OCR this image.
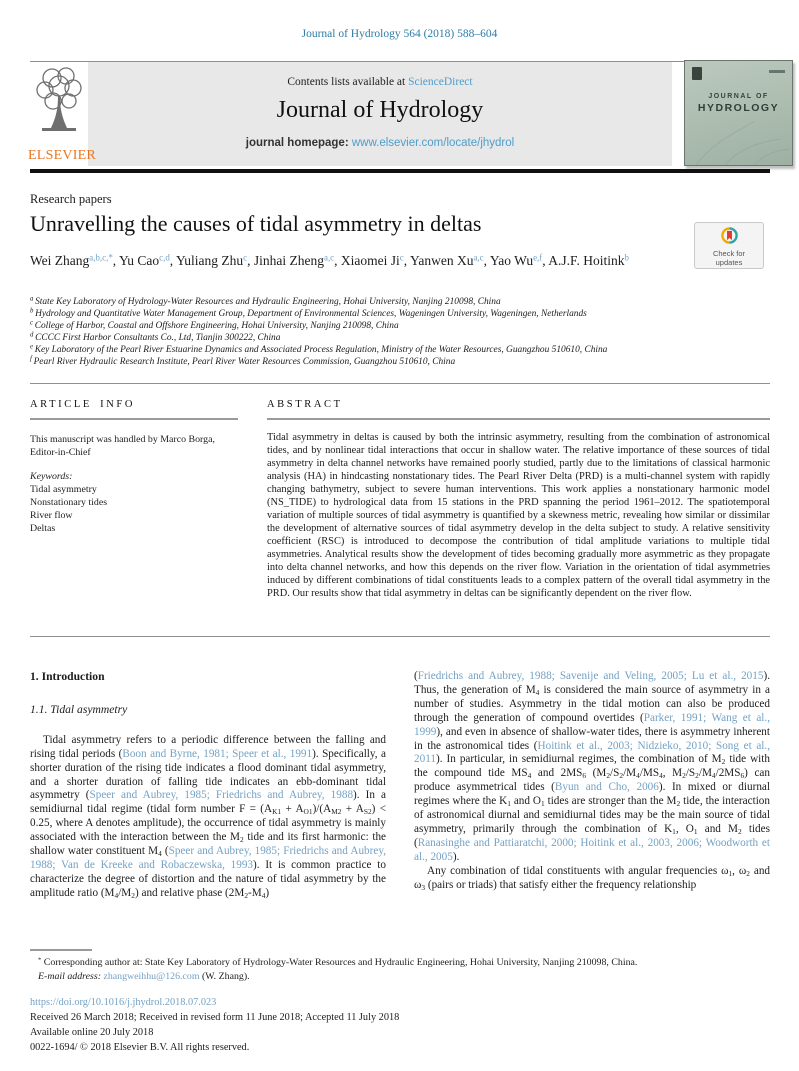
Journal of Hydrology 564 (2018) 588–604
Contents lists available at ScienceDirect
Journal of Hydrology
journal homepage: www.elsevier.com/locate/jhydrol
ELSEVIER
JOURNAL OF
HYDROLOGY
Research papers
Unravelling the causes of tidal asymmetry in deltas
Check for
updates
Wei Zhang$^{a,b,c,*}$, Yu Cao$^{c,d}$, Yuliang Zhu$^c$, Jinhai Zheng$^{a,c}$, Xiaomei Ji$^c$, Yanwen Xu$^{a,c}$, Yao Wu$^{e,f}$, A.J.F. Hoitink$^b$
$^a$ State Key Laboratory of Hydrology-Water Resources and Hydraulic Engineering, Hohai University, Nanjing 210098, China
$^b$ Hydrology and Quantitative Water Management Group, Department of Environmental Sciences, Wageningen University, Wageningen, Netherlands
$^c$ College of Harbor, Coastal and Offshore Engineering, Hohai University, Nanjing 210098, China
$^d$ CCCC First Harbor Consultants Co., Ltd, Tianjin 300222, China
$^e$ Key Laboratory of the Pearl River Estuarine Dynamics and Associated Process Regulation, Ministry of the Water Resources, Guangzhou 510610, China
$^f$ Pearl River Hydraulic Research Institute, Pearl River Water Resources Commission, Guangzhou 510610, China
ARTICLE INFO
This manuscript was handled by Marco Borga, Editor-in-Chief
Keywords:
Tidal asymmetry
Nonstationary tides
River flow
Deltas
ABSTRACT
Tidal asymmetry in deltas is caused by both the intrinsic asymmetry, resulting from the combination of astronomical tides, and by nonlinear tidal interactions that occur in shallow water. The relative importance of these sources of tidal asymmetry in delta channel networks have remained poorly studied, partly due to the limitations of classical harmonic analysis (HA) in hindcasting nonstationary tides. The Pearl River Delta (PRD) is a multi-channel system with rapidly changing bathymetry, subject to severe human interventions. This work applies a nonstationary harmonic model (NS_TIDE) to hydrological data from 15 stations in the PRD spanning the period 1961–2012. The spatiotemporal variation of multiple sources of tidal asymmetry is quantified by a skewness metric, revealing how similar or dissimilar the development of alternative sources of tidal asymmetry develop in the delta subject to study. A relative sensitivity coefficient (RSC) is introduced to decompose the contribution of tidal amplitude variations to multiple tidal asymmetries. Analytical results show the development of tides becoming gradually more asymmetric as they propagate into delta channel networks, and how this depends on the river flow. Variation in the orientation of tidal asymmetries induced by different combinations of tidal constituents leads to a complex pattern of the overall tidal asymmetry in the PRD. Our results show that tidal asymmetry in deltas can be significantly dependent on the river flow.
1. Introduction
1.1. Tidal asymmetry
Tidal asymmetry refers to a periodic difference between the falling and rising tidal periods (Boon and Byrne, 1981; Speer et al., 1991). Specifically, a shorter duration of the rising tide indicates a flood dominant tidal asymmetry, and a shorter duration of falling tide indicates an ebb-dominant tidal asymmetry (Speer and Aubrey, 1985; Friedrichs and Aubrey, 1988). In a semidiurnal tidal regime (tidal form number $F = (A_{K1} + A_{O1})/(A_{M2} + A_{S2}) < 0.25$, where A denotes amplitude), the occurrence of tidal asymmetry is mainly associated with the interaction between the $M_2$ tide and its first harmonic: the shallow water constituent $M_4$ (Speer and Aubrey, 1985; Friedrichs and Aubrey, 1988; Van de Kreeke and Robaczewska, 1993). It is common practice to characterize the degree of distortion and the nature of tidal asymmetry by the amplitude ratio $(M_4/M_2)$ and relative phase $(2M_2-M_4)$
(Friedrichs and Aubrey, 1988; Savenije and Veling, 2005; Lu et al., 2015). Thus, the generation of $M_4$ is considered the main source of asymmetry in a number of studies. Asymmetry in the tidal motion can also be produced through the generation of compound overtides (Parker, 1991; Wang et al., 1999), and even in absence of shallow-water tides, there is asymmetry inherent in the astronomical tides (Hoitink et al., 2003; Nidzieko, 2010; Song et al., 2011). In particular, in semidiurnal regimes, the combination of $M_2$ tide with the compound tide $MS_4$ and $2MS_6$ ($M_2/S_2/M_4/MS_4$, $M_2/S_2/M_4/2MS_6$) can produce asymmetrical tides (Byun and Cho, 2006). In mixed or diurnal regimes where the $K_1$ and $O_1$ tides are stronger than the $M_2$ tide, the interaction of astronomical diurnal and semidiurnal tides may be the main source of tidal asymmetry, primarily through the combination of $K_1$, $O_1$ and $M_2$ tides (Ranasinghe and Pattiaratchi, 2000; Hoitink et al., 2003, 2006; Woodworth et al., 2005).
Any combination of tidal constituents with angular frequencies $\omega_1$, $\omega_2$ and $\omega_3$ (pairs or triads) that satisfy either the frequency relationship
* Corresponding author at: State Key Laboratory of Hydrology-Water Resources and Hydraulic Engineering, Hohai University, Nanjing 210098, China.
E-mail address: zhangweihhu@126.com (W. Zhang).
https://doi.org/10.1016/j.jhydrol.2018.07.023
Received 26 March 2018; Received in revised form 11 June 2018; Accepted 11 July 2018
Available online 20 July 2018
0022-1694/ © 2018 Elsevier B.V. All rights reserved.
